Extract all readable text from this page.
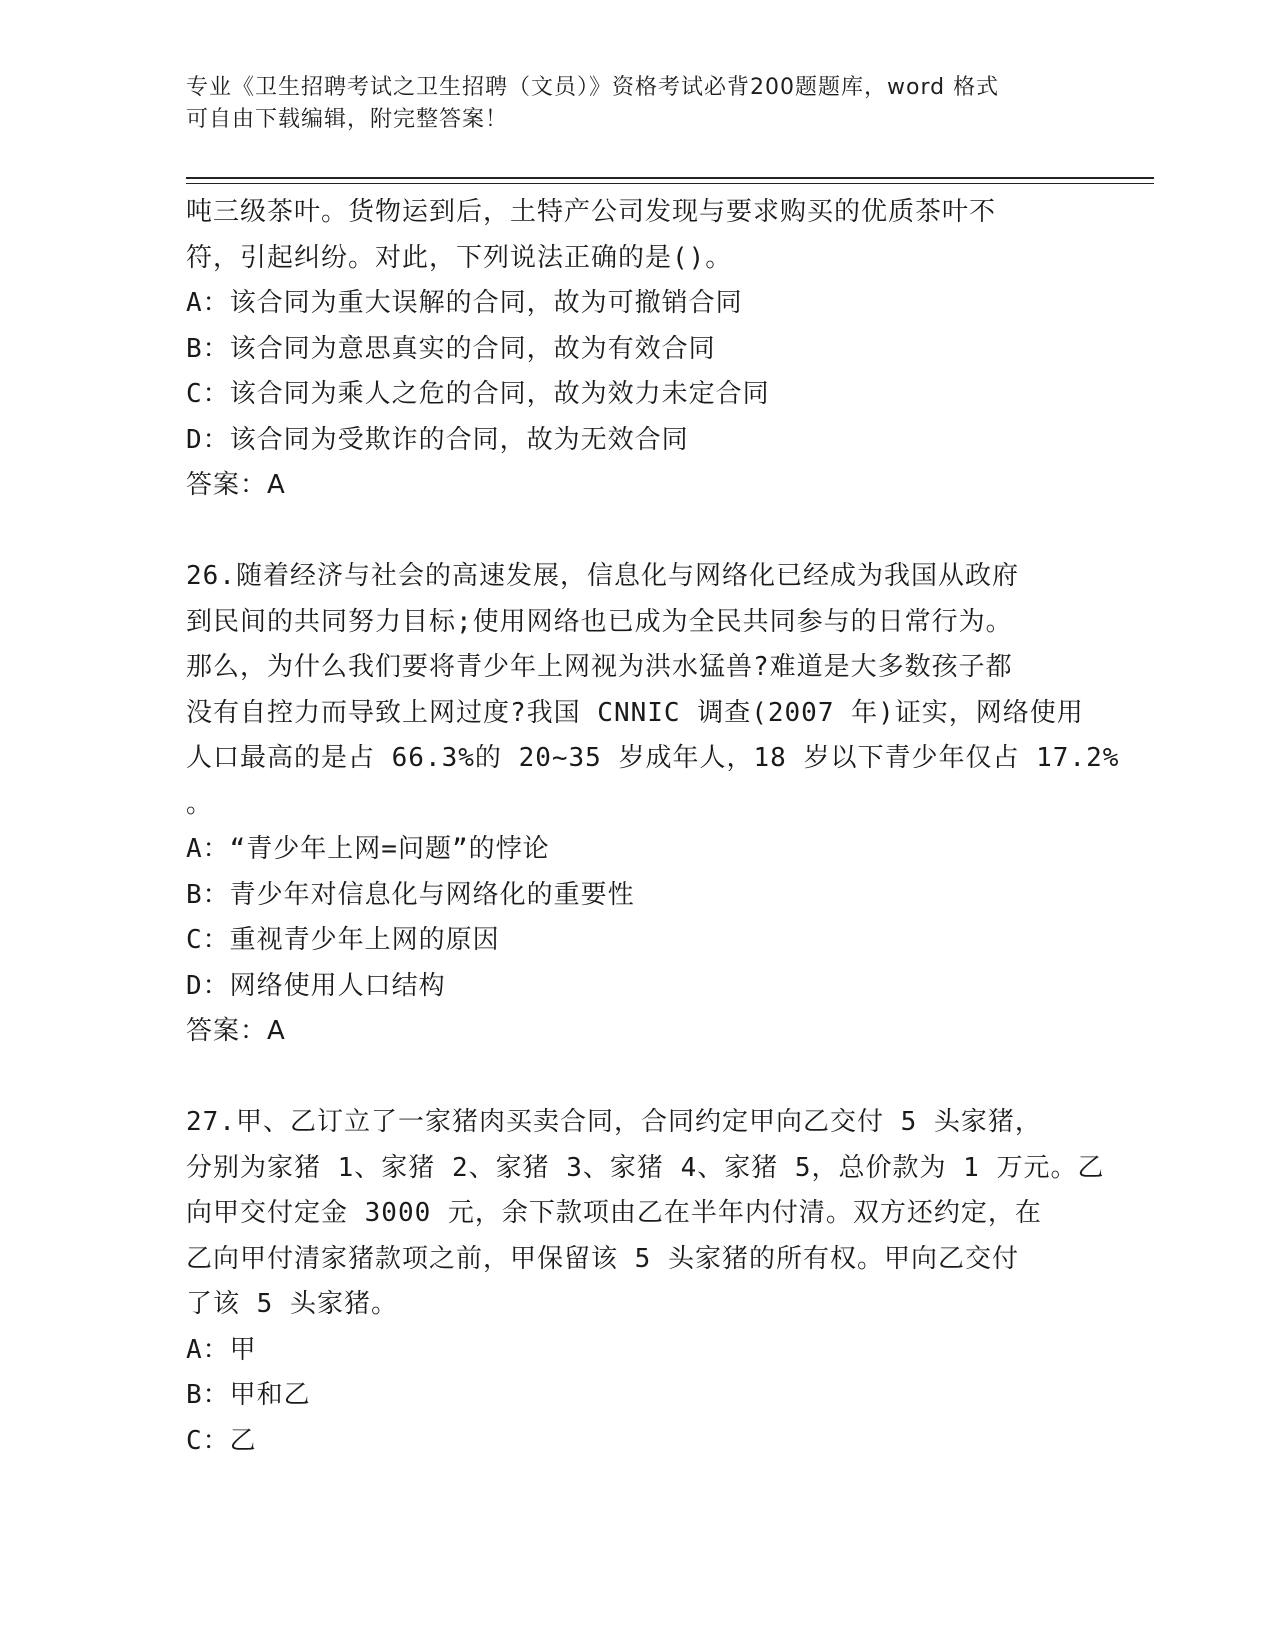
专业《卫生招聘考试之卫生招聘（文员）》资格考试必背200题题库，word 格式
可自由下载编辑，附完整答案！
吨三级茶叶。货物运到后，土特产公司发现与要求购买的优质茶叶不
符，引起纠纷。对此，下列说法正确的是()。
A：该合同为重大误解的合同，故为可撤销合同
B：该合同为意思真实的合同，故为有效合同
C：该合同为乘人之危的合同，故为效力未定合同
D：该合同为受欺诈的合同，故为无效合同
答案：A
26.随着经济与社会的高速发展，信息化与网络化已经成为我国从政府
到民间的共同努力目标;使用网络也已成为全民共同参与的日常行为。
那么，为什么我们要将青少年上网视为洪水猛兽?难道是大多数孩子都
没有自控力而导致上网过度?我国 CNNIC 调查(2007 年)证实，网络使用
人口最高的是占 66.3%的 20~35 岁成年人，18 岁以下青少年仅占 17.2%
。
A：“青少年上网=问题”的悖论
B：青少年对信息化与网络化的重要性
C：重视青少年上网的原因
D：网络使用人口结构
答案：A
27.甲、乙订立了一家猪肉买卖合同，合同约定甲向乙交付 5 头家猪，
分别为家猪 1、家猪 2、家猪 3、家猪 4、家猪 5，总价款为 1 万元。乙
向甲交付定金 3000 元，余下款项由乙在半年内付清。双方还约定，在
乙向甲付清家猪款项之前，甲保留该 5 头家猪的所有权。甲向乙交付
了该 5 头家猪。
A：甲
B：甲和乙
C：乙
